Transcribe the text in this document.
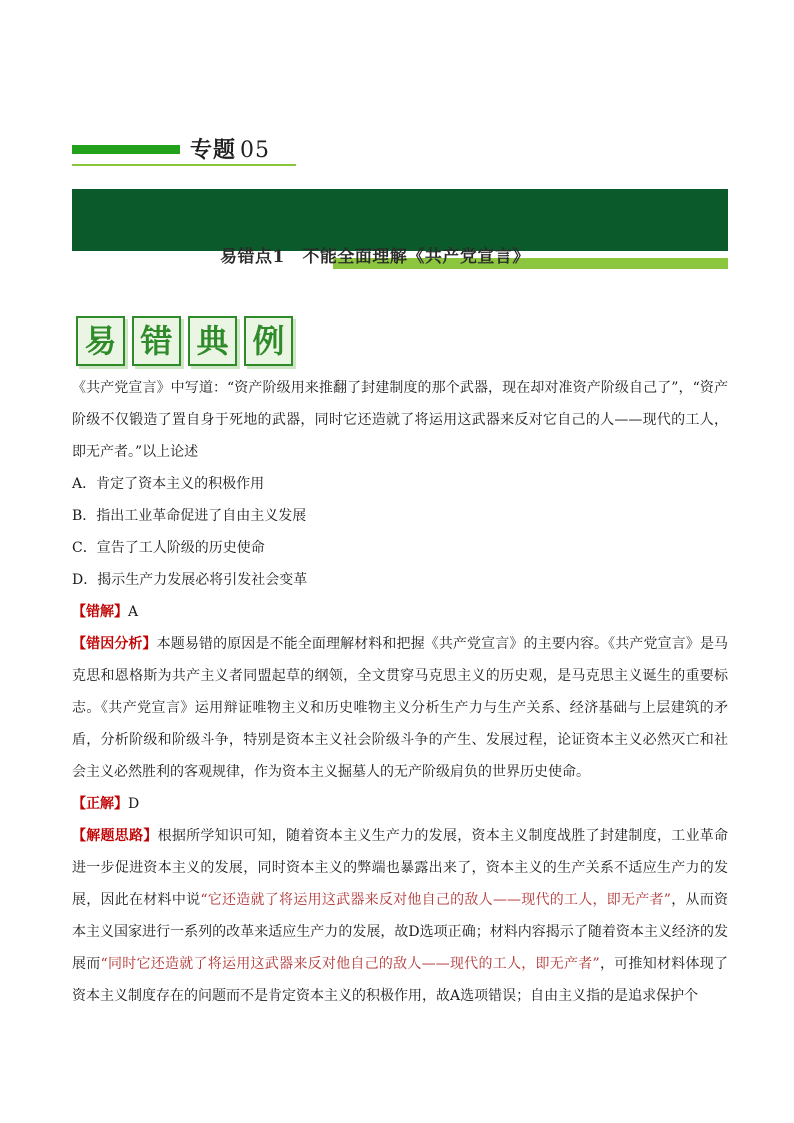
专题 05
易错点1　不能全面理解《共产党宣言》
易 错 典 例

《共产党宣言》中写道：“资产阶级用来推翻了封建制度的那个武器，现在却对准资产阶级自己了”，“资产阶级不仅锻造了置自身于死地的武器，同时它还造就了将运用这武器来反对它自己的人——现代的工人，即无产者。”以上论述

A．肯定了资本主义的积极作用

B．指出工业革命促进了自由主义发展

C．宣告了工人阶级的历史使命

D．揭示生产力发展必将引发社会变革

【错解】A

【错因分析】本题易错的原因是不能全面理解材料和把握《共产党宣言》的主要内容。《共产党宣言》是马克思和恩格斯为共产主义者同盟起草的纲领，全文贯穿马克思主义的历史观，是马克思主义诞生的重要标志。《共产党宣言》运用辩证唯物主义和历史唯物主义分析生产力与生产关系、经济基础与上层建筑的矛盾，分析阶级和阶级斗争，特别是资本主义社会阶级斗争的产生、发展过程，论证资本主义必然灭亡和社会主义必然胜利的客观规律，作为资本主义掘墓人的无产阶级肩负的世界历史使命。

【正解】D

【解题思路】根据所学知识可知，随着资本主义生产力的发展，资本主义制度战胜了封建制度，工业革命进一步促进资本主义的发展，同时资本主义的弊端也暴露出来了，资本主义的生产关系不适应生产力的发展，因此在材料中说“它还造就了将运用这武器来反对他自己的敌人——现代的工人，即无产者”，从而资本主义国家进行一系列的改革来适应生产力的发展，故D选项正确；材料内容揭示了随着资本主义经济的发展而“同时它还造就了将运用这武器来反对他自己的敌人——现代的工人，即无产者”，可推知材料体现了资本主义制度存在的问题而不是肯定资本主义的积极作用，故A选项错误；自由主义指的是追求保护个
